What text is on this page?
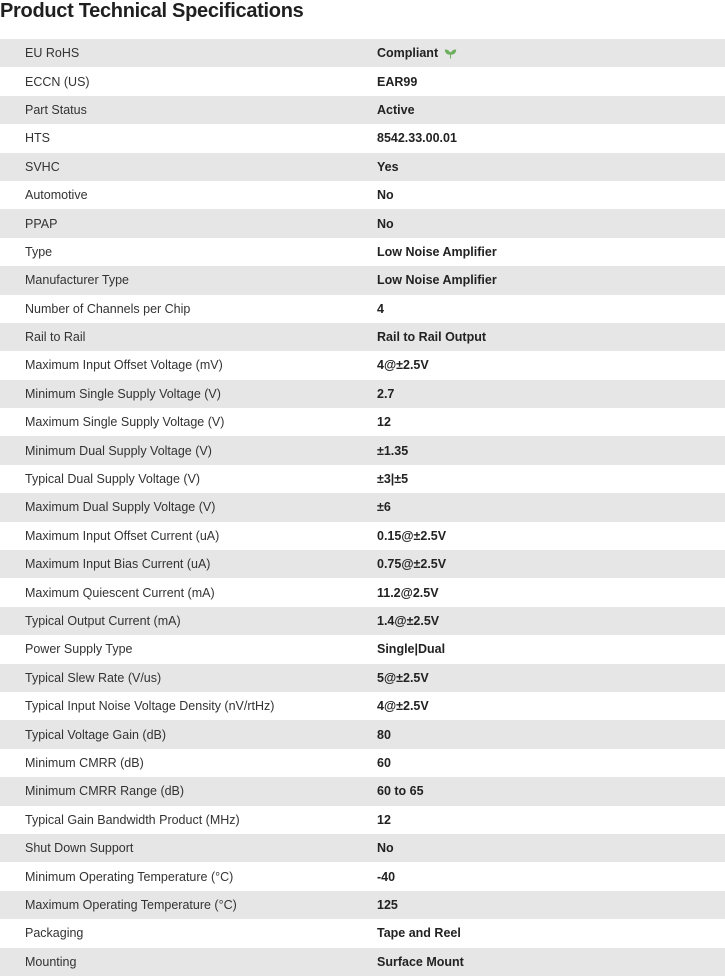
Product Technical Specifications
EU RoHS	Compliant
ECCN (US)	EAR99
Part Status	Active
HTS	8542.33.00.01
SVHC	Yes
Automotive	No
PPAP	No
Type	Low Noise Amplifier
Manufacturer Type	Low Noise Amplifier
Number of Channels per Chip	4
Rail to Rail	Rail to Rail Output
Maximum Input Offset Voltage (mV)	4@±2.5V
Minimum Single Supply Voltage (V)	2.7
Maximum Single Supply Voltage (V)	12
Minimum Dual Supply Voltage (V)	±1.35
Typical Dual Supply Voltage (V)	±3|±5
Maximum Dual Supply Voltage (V)	±6
Maximum Input Offset Current (uA)	0.15@±2.5V
Maximum Input Bias Current (uA)	0.75@±2.5V
Maximum Quiescent Current (mA)	11.2@2.5V
Typical Output Current (mA)	1.4@±2.5V
Power Supply Type	Single|Dual
Typical Slew Rate (V/us)	5@±2.5V
Typical Input Noise Voltage Density (nV/rtHz)	4@±2.5V
Typical Voltage Gain (dB)	80
Minimum CMRR (dB)	60
Minimum CMRR Range (dB)	60 to 65
Typical Gain Bandwidth Product (MHz)	12
Shut Down Support	No
Minimum Operating Temperature (°C)	-40
Maximum Operating Temperature (°C)	125
Packaging	Tape and Reel
Mounting	Surface Mount
